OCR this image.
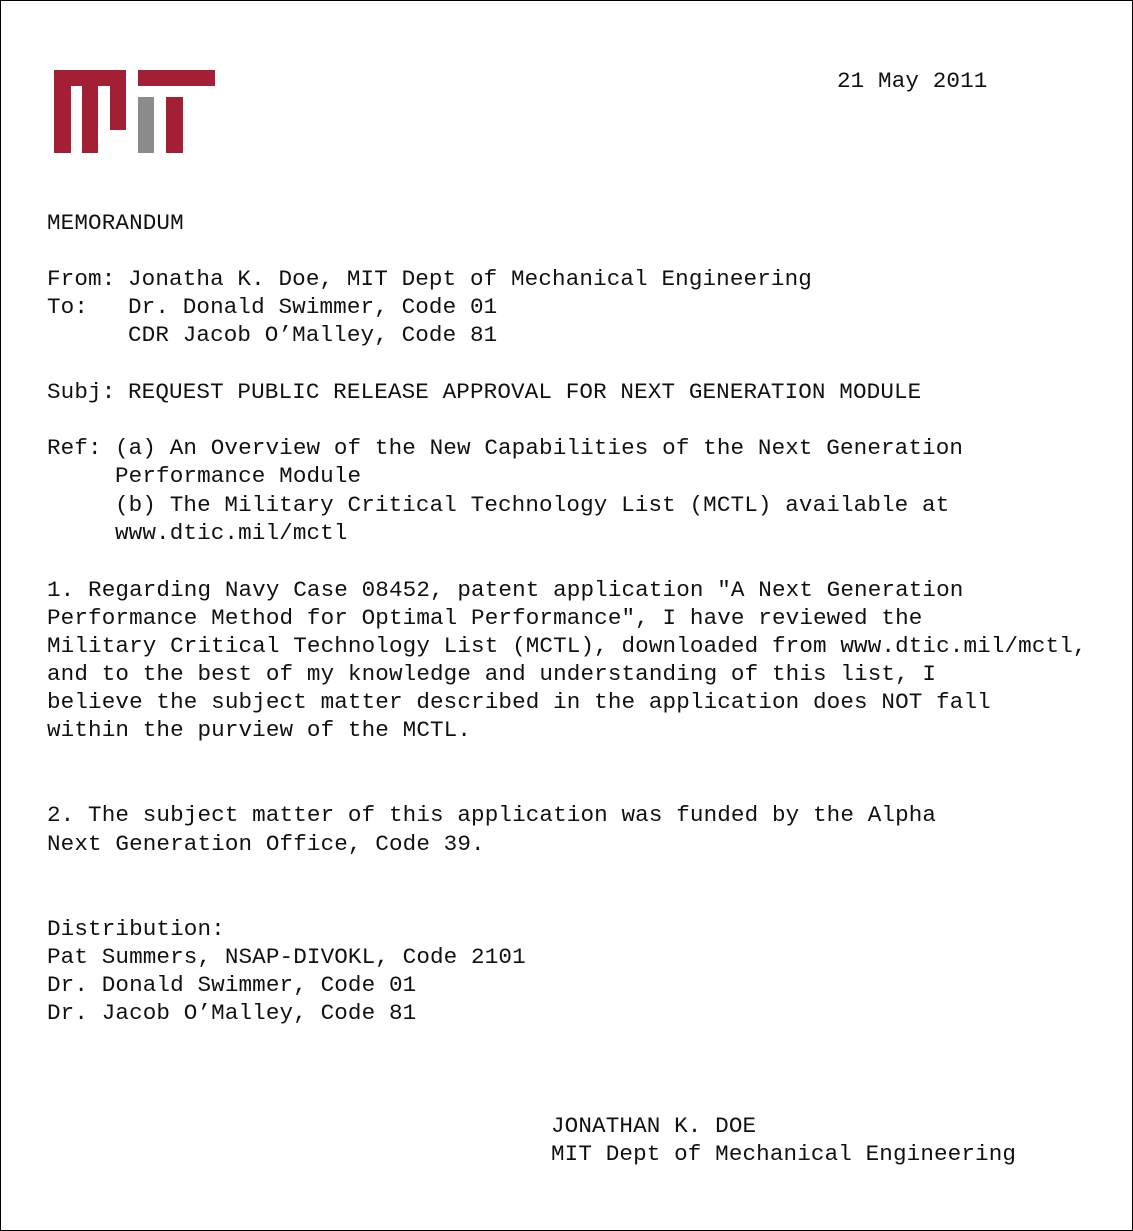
21 May 2011

MEMORANDUM

From: Jonatha K. Doe, MIT Dept of Mechanical Engineering

To: Dr. Donald Swimmer, Code 01

CDR Jacob O’Malley, Code 81

Subj: REQUEST PUBLIC RELEASE APPROVAL FOR NEXT GENERATION MODULE

Ref: (a) An Overview of the New Capabilities of the Next Generation

Performance Module

(b) The Military Critical Technology List (MCTL) available at

www.dtic.mil/mctl

1. Regarding Navy Case 08452, patent application "A Next Generation

Performance Method for Optimal Performance", I have reviewed the

Military Critical Technology List (MCTL), downloaded from www.dtic.mil/mctl,

and to the best of my knowledge and understanding of this list, I

believe the subject matter described in the application does NOT fall

within the purview of the MCTL.

2. The subject matter of this application was funded by the Alpha

Next Generation Office, Code 39.

Distribution:

Pat Summers, NSAP-DIVOKL, Code 2101

Dr. Donald Swimmer, Code 01

Dr. Jacob O’Malley, Code 81

JONATHAN K. DOE

MIT Dept of Mechanical Engineering
